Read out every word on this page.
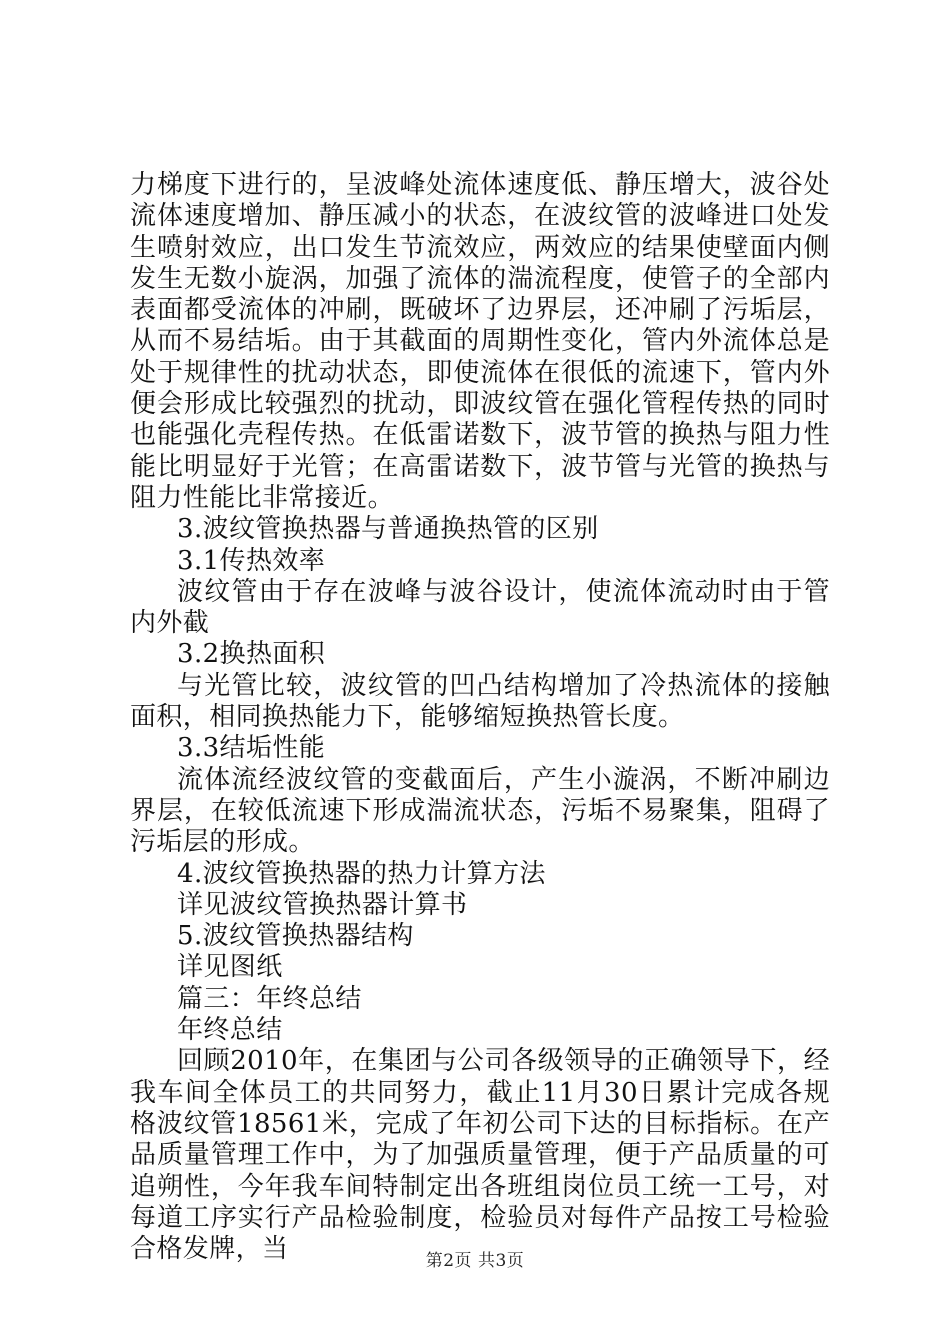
力梯度下进行的，呈波峰处流体速度低、静压增大，波谷处流体速度增加、静压减小的状态，在波纹管的波峰进口处发生喷射效应，出口发生节流效应，两效应的结果使壁面内侧发生无数小旋涡，加强了流体的湍流程度，使管子的全部内表面都受流体的冲刷，既破坏了边界层，还冲刷了污垢层，从而不易结垢。由于其截面的周期性变化，管内外流体总是处于规律性的扰动状态，即使流体在很低的流速下，管内外便会形成比较强烈的扰动，即波纹管在强化管程传热的同时也能强化壳程传热。在低雷诺数下，波节管的换热与阻力性能比明显好于光管；在高雷诺数下，波节管与光管的换热与阻力性能比非常接近。

3.波纹管换热器与普通换热管的区别

3.1传热效率

波纹管由于存在波峰与波谷设计，使流体流动时由于管内外截

3.2换热面积

与光管比较，波纹管的凹凸结构增加了冷热流体的接触面积，相同换热能力下，能够缩短换热管长度。

3.3结垢性能

流体流经波纹管的变截面后，产生小漩涡，不断冲刷边界层，在较低流速下形成湍流状态，污垢不易聚集，阻碍了污垢层的形成。

4.波纹管换热器的热力计算方法

详见波纹管换热器计算书

5.波纹管换热器结构

详见图纸

篇三：年终总结

年终总结

回顾2010年，在集团与公司各级领导的正确领导下，经我车间全体员工的共同努力，截止11月30日累计完成各规格波纹管18561米，完成了年初公司下达的目标指标。在产品质量管理工作中，为了加强质量管理，便于产品质量的可追朔性，今年我车间特制定出各班组岗位员工统一工号，对每道工序实行产品检验制度，检验员对每件产品按工号检验合格发牌，当	第2页 共3页
